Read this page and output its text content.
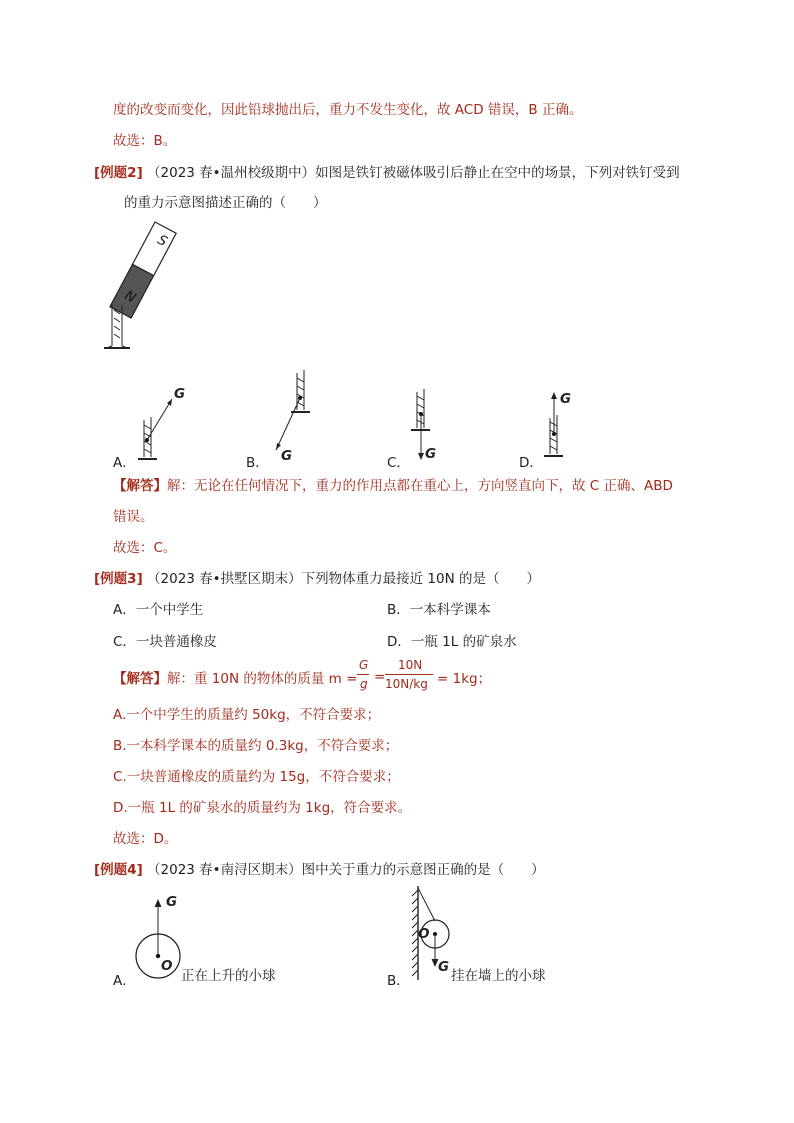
度的改变而变化，因此铅球抛出后，重力不发生变化，故 ACD 错误，B 正确。
故选：B。
[例题2] （2023 春•温州校级期中）如图是铁钉被磁体吸引后静止在空中的场景，下列对铁钉受到
的重力示意图描述正确的（　　）
S
N
G
A．	G
B．
G
C．
G
D．
【解答】解：无论在任何情况下，重力的作用点都在重心上，方向竖直向下，故 C 正确、ABD
错误。
故选：C。
[例题3] （2023 春•拱墅区期末）下列物体重力最接近 10N 的是（　　）
A．一个中学生	B．一本科学课本
C．一块普通橡皮	D．一瓶 1L 的矿泉水
【解答】解：重 10N 的物体的质量 m =
G
g =
10N
10N/kg = 1kg；
A.一个中学生的质量约 50kg，不符合要求；
B.一本科学课本的质量约 0.3kg，不符合要求；
C.一块普通橡皮的质量约为 15g，不符合要求；
D.一瓶 1L 的矿泉水的质量约为 1kg，符合要求。
故选：D。
[例题4] （2023 春•南浔区期末）图中关于重力的示意图正确的是（　　）
G
O
A．	正在上升的小球
O
G
B．	挂在墙上的小球
